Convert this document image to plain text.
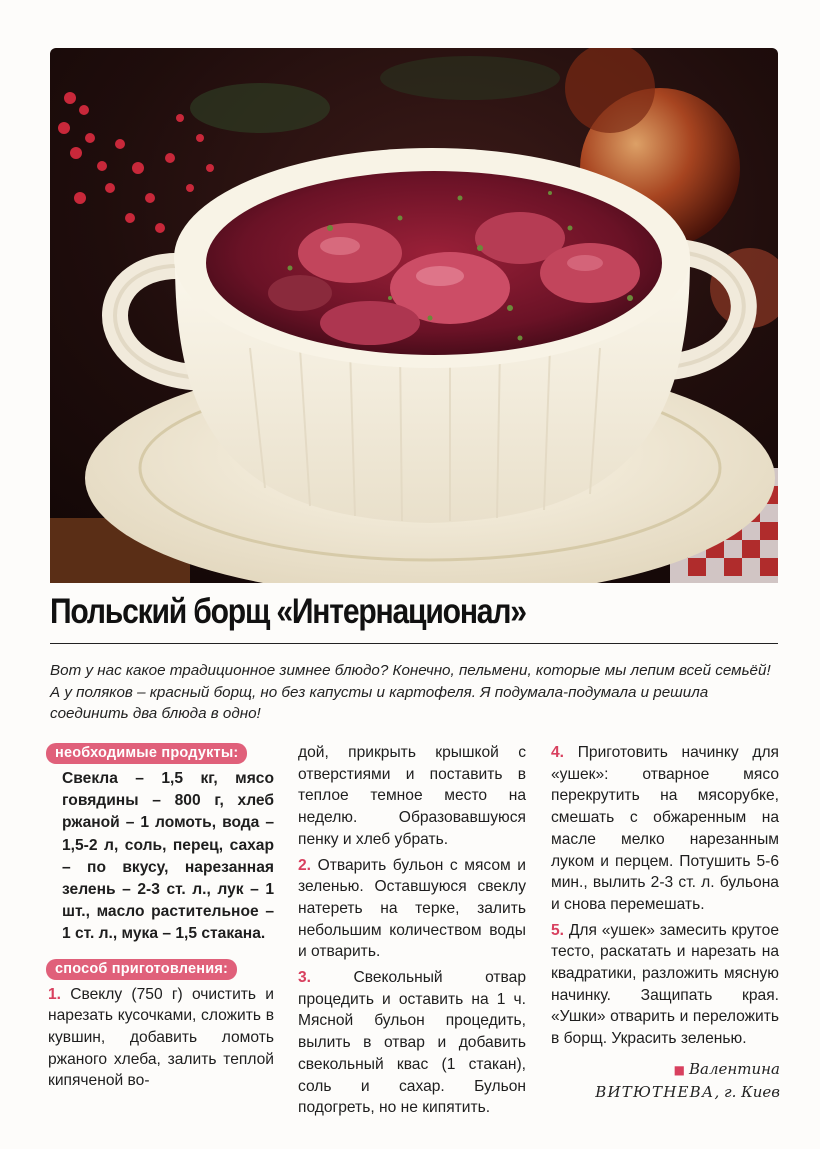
Польский борщ «Интернационал»
Вот у нас какое традиционное зимнее блюдо? Конечно, пельмени, которые мы лепим всей семьёй! А у поляков – красный борщ, но без капусты и картофеля. Я подумала-подумала и решила соединить два блюда в одно!
необходимые продукты:

Свекла – 1,5 кг, мясо говядины – 800 г, хлеб ржаной – 1 ломоть, вода – 1,5-2 л, соль, перец, сахар – по вкусу, нарезанная зелень – 2-3 ст. л., лук – 1 шт., масло растительное – 1 ст. л., мука – 1,5 стакана.

способ приготовления:

1. Свеклу (750 г) очистить и нарезать кусочками, сложить в кувшин, добавить ломоть ржаного хлеба, залить теплой кипяченой во-

дой, прикрыть крышкой с отверстиями и поставить в теплое темное место на неделю. Образовавшуюся пенку и хлеб убрать.

2. Отварить бульон с мясом и зеленью. Оставшуюся свеклу натереть на терке, залить небольшим количеством воды и отварить.

3.	Свекольный отвар процедить и оставить на 1 ч. Мясной бульон процедить, вылить в отвар и добавить свекольный квас (1 стакан), соль и сахар. Бульон подогреть, но не кипятить.

4. Приготовить начинку для «ушек»: отварное мясо перекрутить на мясорубке, смешать с обжаренным на масле мелко нарезанным луком и перцем. Потушить 5-6 мин., вылить 2-3 ст. л. бульона и снова перемешать.

5. Для «ушек» замесить крутое тесто, раскатать и нарезать на квадратики, разложить мясную начинку. Защипать края. «Ушки» отварить и переложить в борщ. Украсить зеленью.

■ Валентина
ВИТЮТНЕВА, г. Киев
